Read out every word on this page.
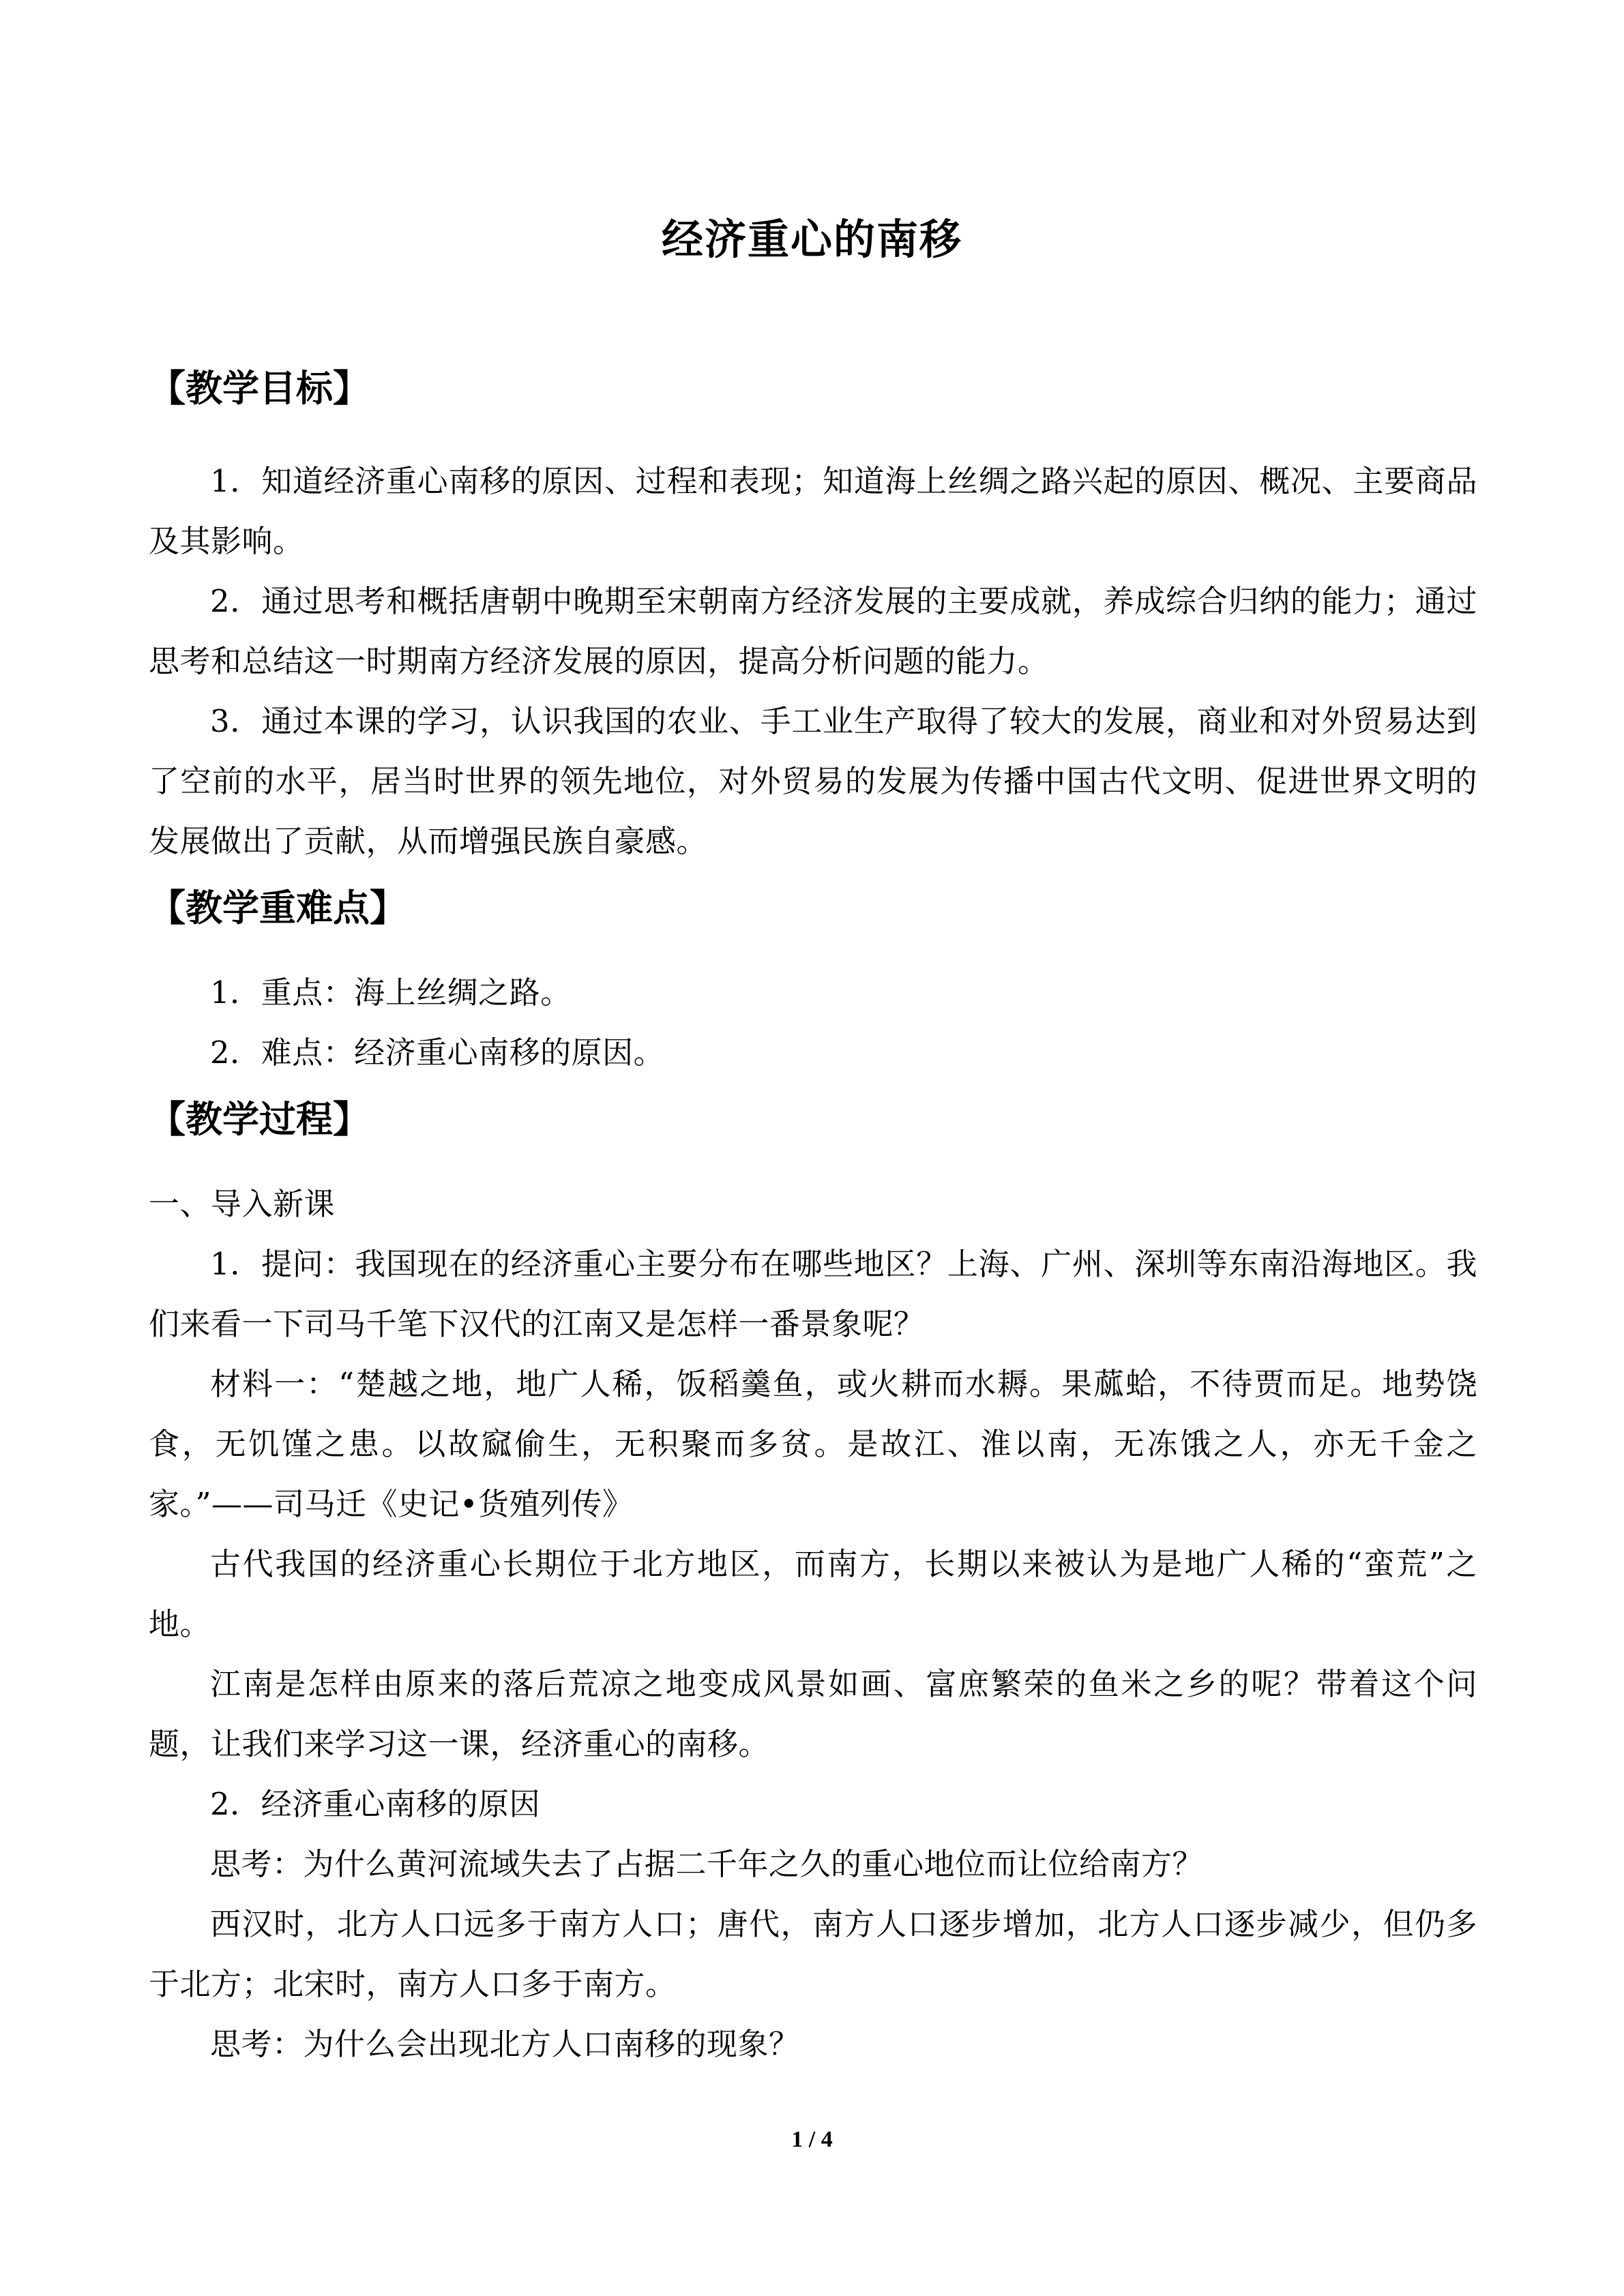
经济重心的南移
【教学目标】

1．知道经济重心南移的原因、过程和表现；知道海上丝绸之路兴起的原因、概况、主要商品及其影响。

2．通过思考和概括唐朝中晚期至宋朝南方经济发展的主要成就，养成综合归纳的能力；通过思考和总结这一时期南方经济发展的原因，提高分析问题的能力。

3．通过本课的学习，认识我国的农业、手工业生产取得了较大的发展，商业和对外贸易达到了空前的水平，居当时世界的领先地位，对外贸易的发展为传播中国古代文明、促进世界文明的发展做出了贡献，从而增强民族自豪感。

【教学重难点】

1．重点：海上丝绸之路。

2．难点：经济重心南移的原因。

【教学过程】

一、导入新课

1．提问：我国现在的经济重心主要分布在哪些地区？上海、广州、深圳等东南沿海地区。我们来看一下司马千笔下汉代的江南又是怎样一番景象呢？

材料一：“楚越之地，地广人稀，饭稻羹鱼，或火耕而水耨。果蓏蛤，不待贾而足。地势饶食，无饥馑之患。以故窳偷生，无积聚而多贫。是故江、淮以南，无冻饿之人，亦无千金之家。”——司马迁《史记•货殖列传》

古代我国的经济重心长期位于北方地区，而南方，长期以来被认为是地广人稀的“蛮荒”之地。

江南是怎样由原来的落后荒凉之地变成风景如画、富庶繁荣的鱼米之乡的呢？带着这个问题，让我们来学习这一课，经济重心的南移。

2．经济重心南移的原因

思考：为什么黄河流域失去了占据二千年之久的重心地位而让位给南方？

西汉时，北方人口远多于南方人口；唐代，南方人口逐步增加，北方人口逐步减少，但仍多于北方；北宋时，南方人口多于南方。

思考：为什么会出现北方人口南移的现象？

1 / 4
